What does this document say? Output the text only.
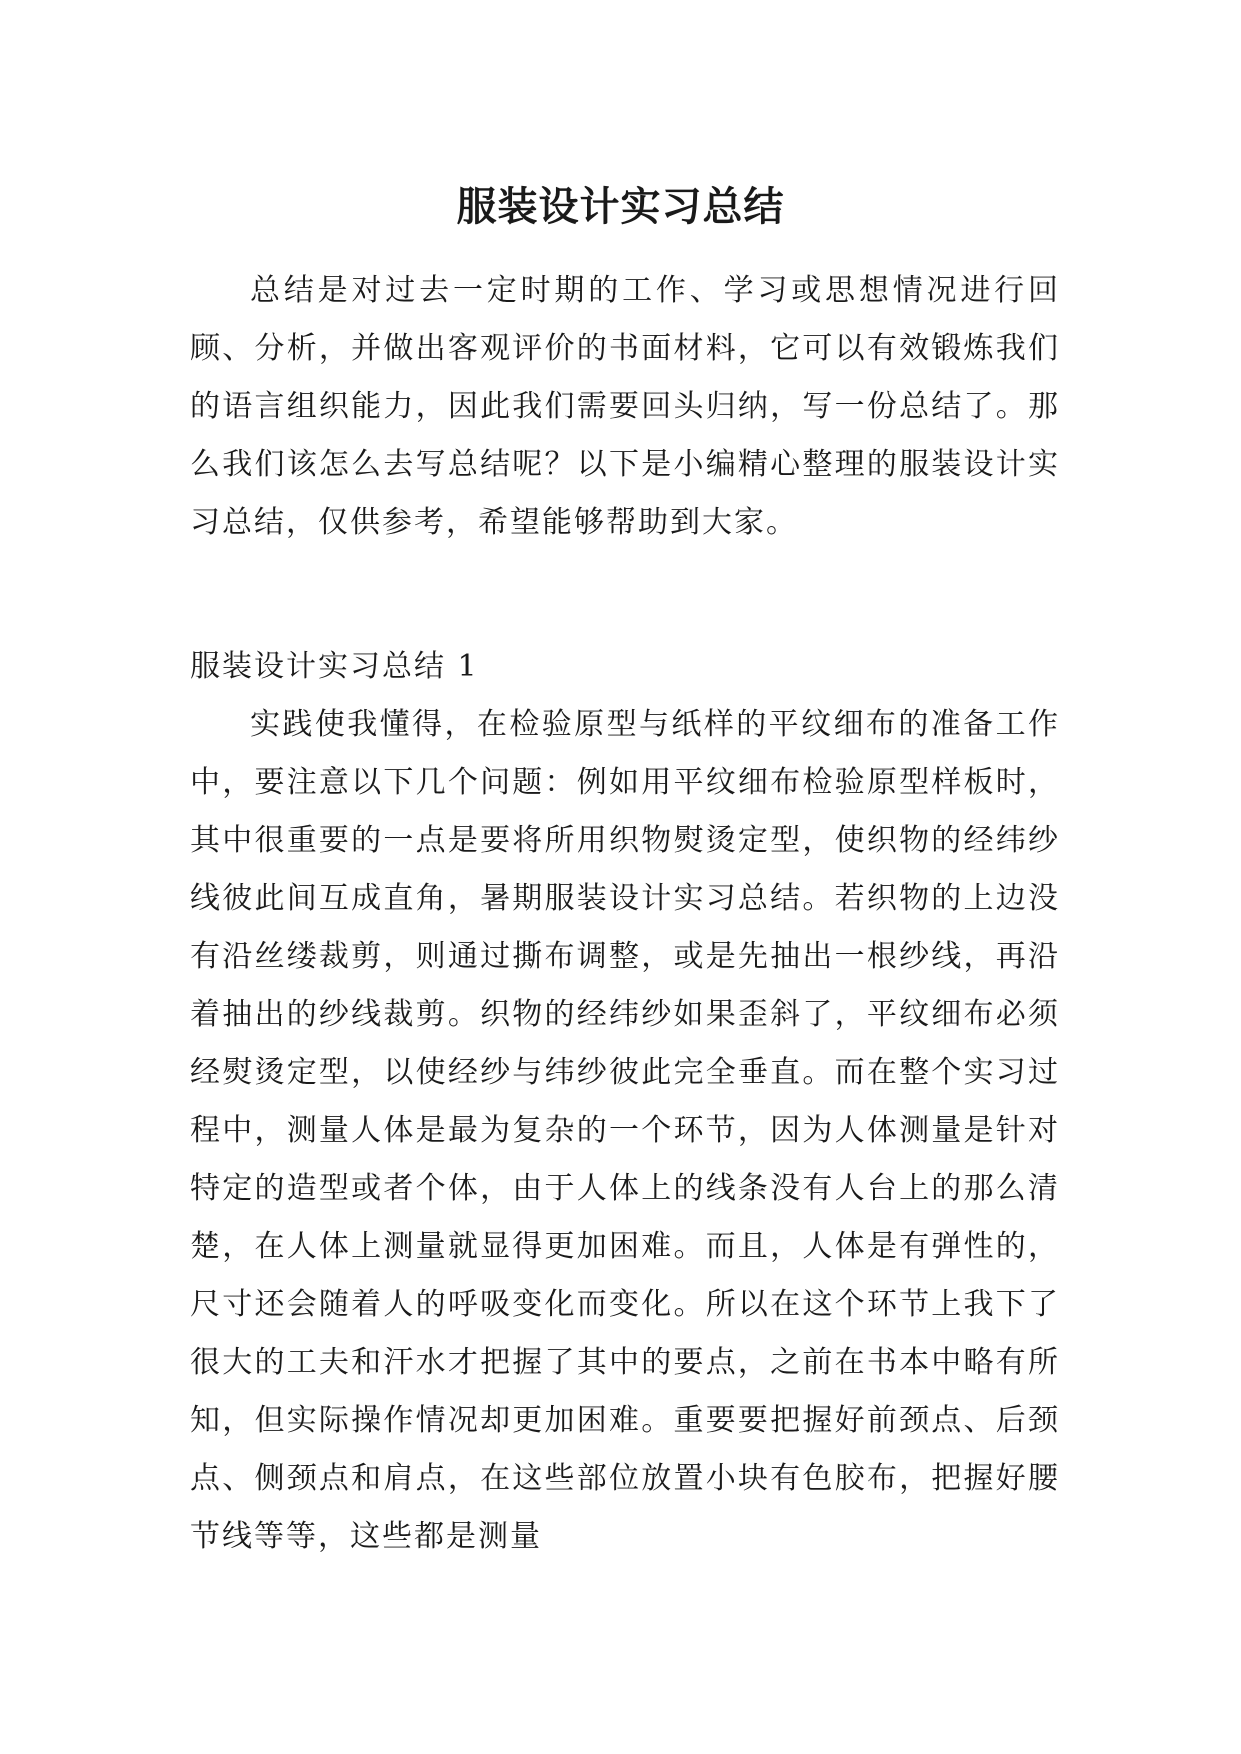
服装设计实习总结

总结是对过去一定时期的工作、学习或思想情况进行回顾、分析，并做出客观评价的书面材料，它可以有效锻炼我们的语言组织能力，因此我们需要回头归纳，写一份总结了。那么我们该怎么去写总结呢？以下是小编精心整理的服装设计实习总结，仅供参考，希望能够帮助到大家。

服装设计实习总结 1

实践使我懂得，在检验原型与纸样的平纹细布的准备工作中，要注意以下几个问题：例如用平纹细布检验原型样板时，其中很重要的一点是要将所用织物熨烫定型，使织物的经纬纱线彼此间互成直角，暑期服装设计实习总结。若织物的上边没有沿丝缕裁剪，则通过撕布调整，或是先抽出一根纱线，再沿着抽出的纱线裁剪。织物的经纬纱如果歪斜了，平纹细布必须经熨烫定型，以使经纱与纬纱彼此完全垂直。而在整个实习过程中，测量人体是最为复杂的一个环节，因为人体测量是针对特定的造型或者个体，由于人体上的线条没有人台上的那么清楚，在人体上测量就显得更加困难。而且，人体是有弹性的，尺寸还会随着人的呼吸变化而变化。所以在这个环节上我下了很大的工夫和汗水才把握了其中的要点，之前在书本中略有所知，但实际操作情况却更加困难。重要要把握好前颈点、后颈点、侧颈点和肩点，在这些部位放置小块有色胶布，把握好腰节线等等，这些都是测量
